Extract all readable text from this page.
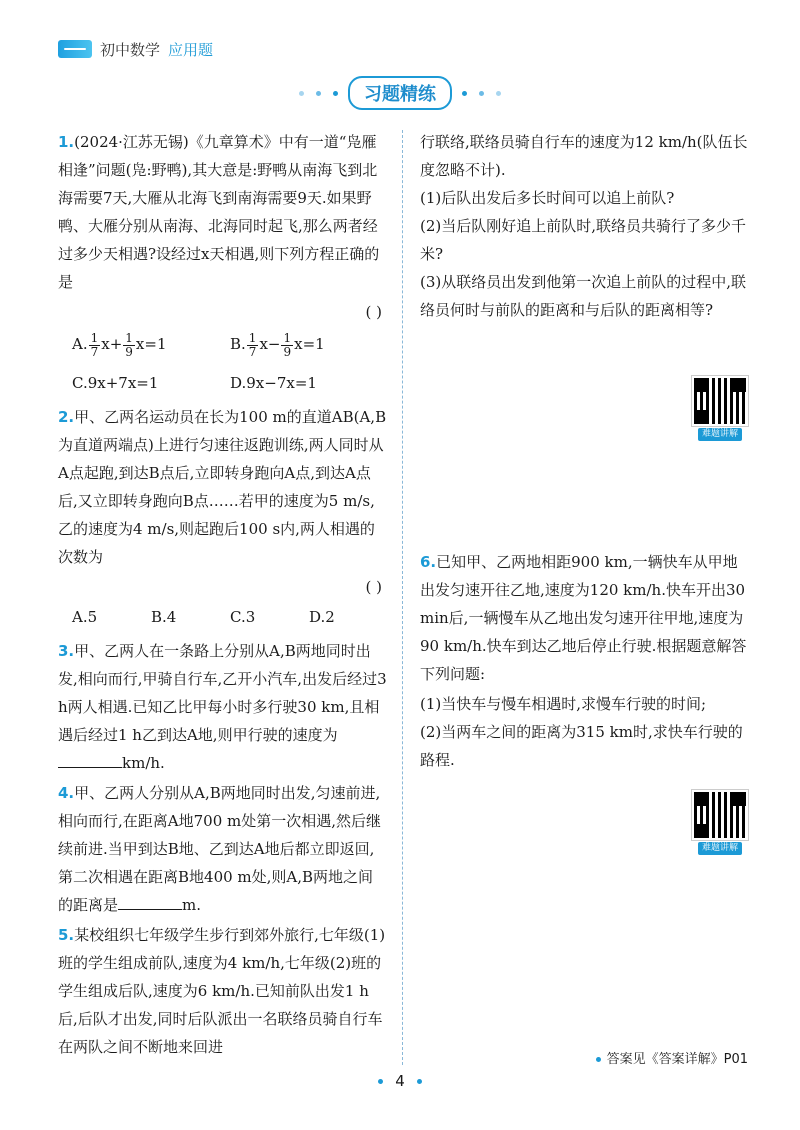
初中数学 应用题
习题精练

1.(2024·江苏无锡)《九章算术》中有一道“凫雁相逢”问题(凫:野鸭),其大意是:野鸭从南海飞到北海需要7天,大雁从北海飞到南海需要9天.如果野鸭、大雁分别从南海、北海同时起飞,那么两者经过多少天相遇?设经过x天相遇,则下列方程正确的是

( )

A. $\frac{1}{7} x+ \frac{1}{9} x=1$	B. $\frac{1}{7} x- \frac{1}{9} x=1$
C.9x+7x=1	D.9x−7x=1

2.甲、乙两名运动员在长为100 m的直道AB(A,B为直道两端点)上进行匀速往返跑训练,两人同时从A点起跑,到达B点后,立即转身跑向A点,到达A点后,又立即转身跑向B点……若甲的速度为5 m/s,乙的速度为4 m/s,则起跑后100 s内,两人相遇的次数为

( )

A.5	B.4	C.3	D.2

3.甲、乙两人在一条路上分别从A,B两地同时出发,相向而行,甲骑自行车,乙开小汽车,出发后经过3 h两人相遇.已知乙比甲每小时多行驶30 km,且相遇后经过1 h乙到达A地,则甲行驶的速度为km/h.

4.甲、乙两人分别从A,B两地同时出发,匀速前进,相向而行,在距离A地700 m处第一次相遇,然后继续前进.当甲到达B地、乙到达A地后都立即返回,第二次相遇在距离B地400 m处,则A,B两地之间的距离是	m.

5.某校组织七年级学生步行到郊外旅行,七年级(1)班的学生组成前队,速度为4 km/h,七年级(2)班的学生组成后队,速度为6 km/h.已知前队出发1 h后,后队才出发,同时后队派出一名联络员骑自行车在两队之间不断地来回进

行联络,联络员骑自行车的速度为12 km/h(队伍长度忽略不计).

(1)后队出发后多长时间可以追上前队?

(2)当后队刚好追上前队时,联络员共骑行了多少千米?

(3)从联络员出发到他第一次追上前队的过程中,联络员何时与前队的距离和与后队的距离相等?

难题讲解

6.已知甲、乙两地相距900 km,一辆快车从甲地出发匀速开往乙地,速度为120 km/h.快车开出30 min后,一辆慢车从乙地出发匀速开往甲地,速度为90 km/h.快车到达乙地后停止行驶.根据题意解答下列问题:

(1)当快车与慢车相遇时,求慢车行驶的时间;

(2)当两车之间的距离为315 km时,求快车行驶的路程.

难题讲解
答案见《答案详解》P01
4
